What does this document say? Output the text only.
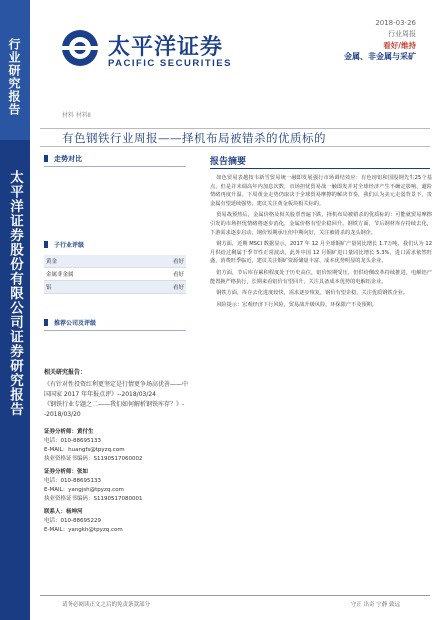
行业研究报告
太平洋证券股份有限公司证券研究报告
太平洋证券
PACIFIC SECURITIES
材料 材料Ⅱ
2018-03-26
行业周报
看好/维持
金属、非金属与采矿
有色钢铁行业周报——择机布局被错杀的优质标的
走势对比
子行业评级
黄金	看好
金属非金属	看好
铝	看好
推荐公司及评级
相关研究报告：
《有针对性投资红利更坚定是行情更争场高优善——中国国家 2017 年年报点评》--2018/03/24
《钢铁行业专题之二——我们如何解析钢铁库存？》--2018/03/20
证券分析师：黄付生
电话：010-88695133
E-MAIL：huangfs@tpyzq.com
执业资格证书编码：S1190517060002
证券分析师：张如
电话：010-88695133
E-MAIL：yangjsh@tpyzq.com
执业资格证书编码：S1190517080001
联系人：杨坤河
电话：010-88695229
E-MAIL：yangkh@tpyzq.com
报告摘要

如色贸易表越按韦新雪贸易统一融即发展强行市场调结效应：有色镑铝和国股钢先生25个基点，但是并未调高年内加息次数，市场担忧贸易战一触即发并对全球经济产生不确定影响，避险情绪再度升温。下周黄金走势仍取决于全球贸易摩擦的解决节奏，我们认为美元走弱背景下，贵金属有望延续强势，建议关注黄金板块相关标的。

贸易战预热后，金属价格及相关股票普遍下跌，择机布局被错杀的优质标的：可能就贸易摩擦引发的市场担忧情绪将逐步消化，金属价格有望企稳回升。钢铁方面，节后钢材库存持续去化，下游需求逐步启动，钢价短期承压但中期向好，关注被错杀的龙头钢企。

钢方面，近期 MSCI 数据显示，2017 年 12 月全球铜矿产量同比增长 1.7万吨，我们认为 12 月供给过剩属于季节性正常波动，此外中国 12 月铜矿进口量同比增长 5.3%，进口需求依然旺盛，消费旺季临近，建议关注铜矿资源储量丰富、成本优势明显的龙头企业。

铝方面，节后库存累积程度处于历史高位，铝价短期受压，但供给侧改革持续推进，电解铝产能置换严格执行，长期来看铝价有望回升，关注具备成本优势的电解铝企业。

钢铁方面，库存去化进度较快，需求逐步恢复，钢价有望企稳，关注优质钢铁企业。

风险提示：宏观经济下行风险，贸易战升级风险，环保限产不及预期。

请务必阅读正文之后的免责条款部分	守正 出奇 宁静 致远
